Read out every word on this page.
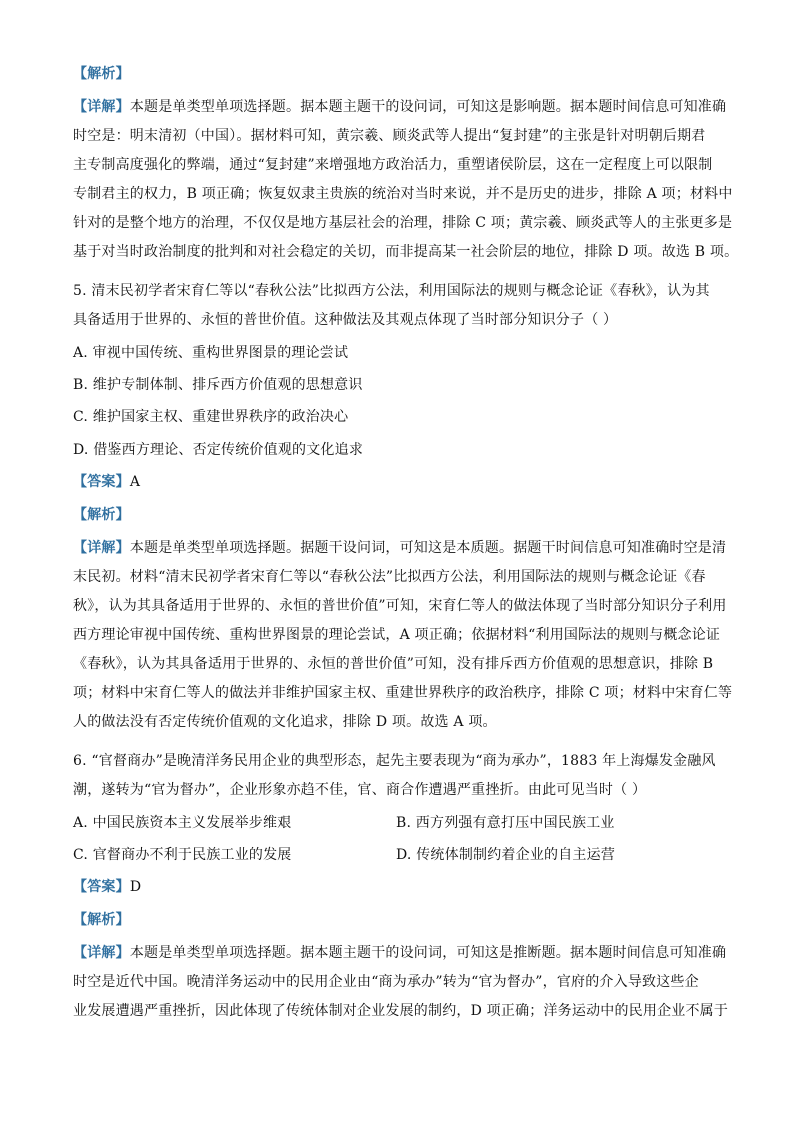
【解析】
【详解】本题是单类型单项选择题。据本题主题干的设问词，可知这是影响题。据本题时间信息可知准确
时空是：明末清初（中国）。据材料可知，黄宗羲、顾炎武等人提出“复封建”的主张是针对明朝后期君
主专制高度强化的弊端，通过“复封建”来增强地方政治活力，重塑诸侯阶层，这在一定程度上可以限制
专制君主的权力，B 项正确；恢复奴隶主贵族的统治对当时来说，并不是历史的进步，排除 A 项；材料中
针对的是整个地方的治理，不仅仅是地方基层社会的治理，排除 C 项；黄宗羲、顾炎武等人的主张更多是
基于对当时政治制度的批判和对社会稳定的关切，而非提高某一社会阶层的地位，排除 D 项。故选 B 项。
5. 清末民初学者宋育仁等以“春秋公法”比拟西方公法，利用国际法的规则与概念论证《春秋》，认为其
具备适用于世界的、永恒的普世价值。这种做法及其观点体现了当时部分知识分子（ ）
A. 审视中国传统、重构世界图景的理论尝试
B. 维护专制体制、排斥西方价值观的思想意识
C. 维护国家主权、重建世界秩序的政治决心
D. 借鉴西方理论、否定传统价值观的文化追求
【答案】A
【解析】
【详解】本题是单类型单项选择题。据题干设问词，可知这是本质题。据题干时间信息可知准确时空是清
末民初。材料“清末民初学者宋育仁等以“春秋公法”比拟西方公法，利用国际法的规则与概念论证《春
秋》，认为其具备适用于世界的、永恒的普世价值”可知，宋育仁等人的做法体现了当时部分知识分子利用
西方理论审视中国传统、重构世界图景的理论尝试，A 项正确；依据材料“利用国际法的规则与概念论证
《春秋》，认为其具备适用于世界的、永恒的普世价值”可知，没有排斥西方价值观的思想意识，排除 B
项；材料中宋育仁等人的做法并非维护国家主权、重建世界秩序的政治秩序，排除 C 项；材料中宋育仁等
人的做法没有否定传统价值观的文化追求，排除 D 项。故选 A 项。
6. “官督商办”是晚清洋务民用企业的典型形态，起先主要表现为“商为承办”，1883 年上海爆发金融风
潮，遂转为“官为督办”，企业形象亦趋不佳，官、商合作遭遇严重挫折。由此可见当时（ ）
A. 中国民族资本主义发展举步维艰	B. 西方列强有意打压中国民族工业
C. 官督商办不利于民族工业的发展	D. 传统体制制约着企业的自主运营
【答案】D
【解析】
【详解】本题是单类型单项选择题。据本题主题干的设问词，可知这是推断题。据本题时间信息可知准确
时空是近代中国。晚清洋务运动中的民用企业由“商为承办”转为“官为督办”，官府的介入导致这些企
业发展遭遇严重挫折，因此体现了传统体制对企业发展的制约，D 项正确；洋务运动中的民用企业不属于
